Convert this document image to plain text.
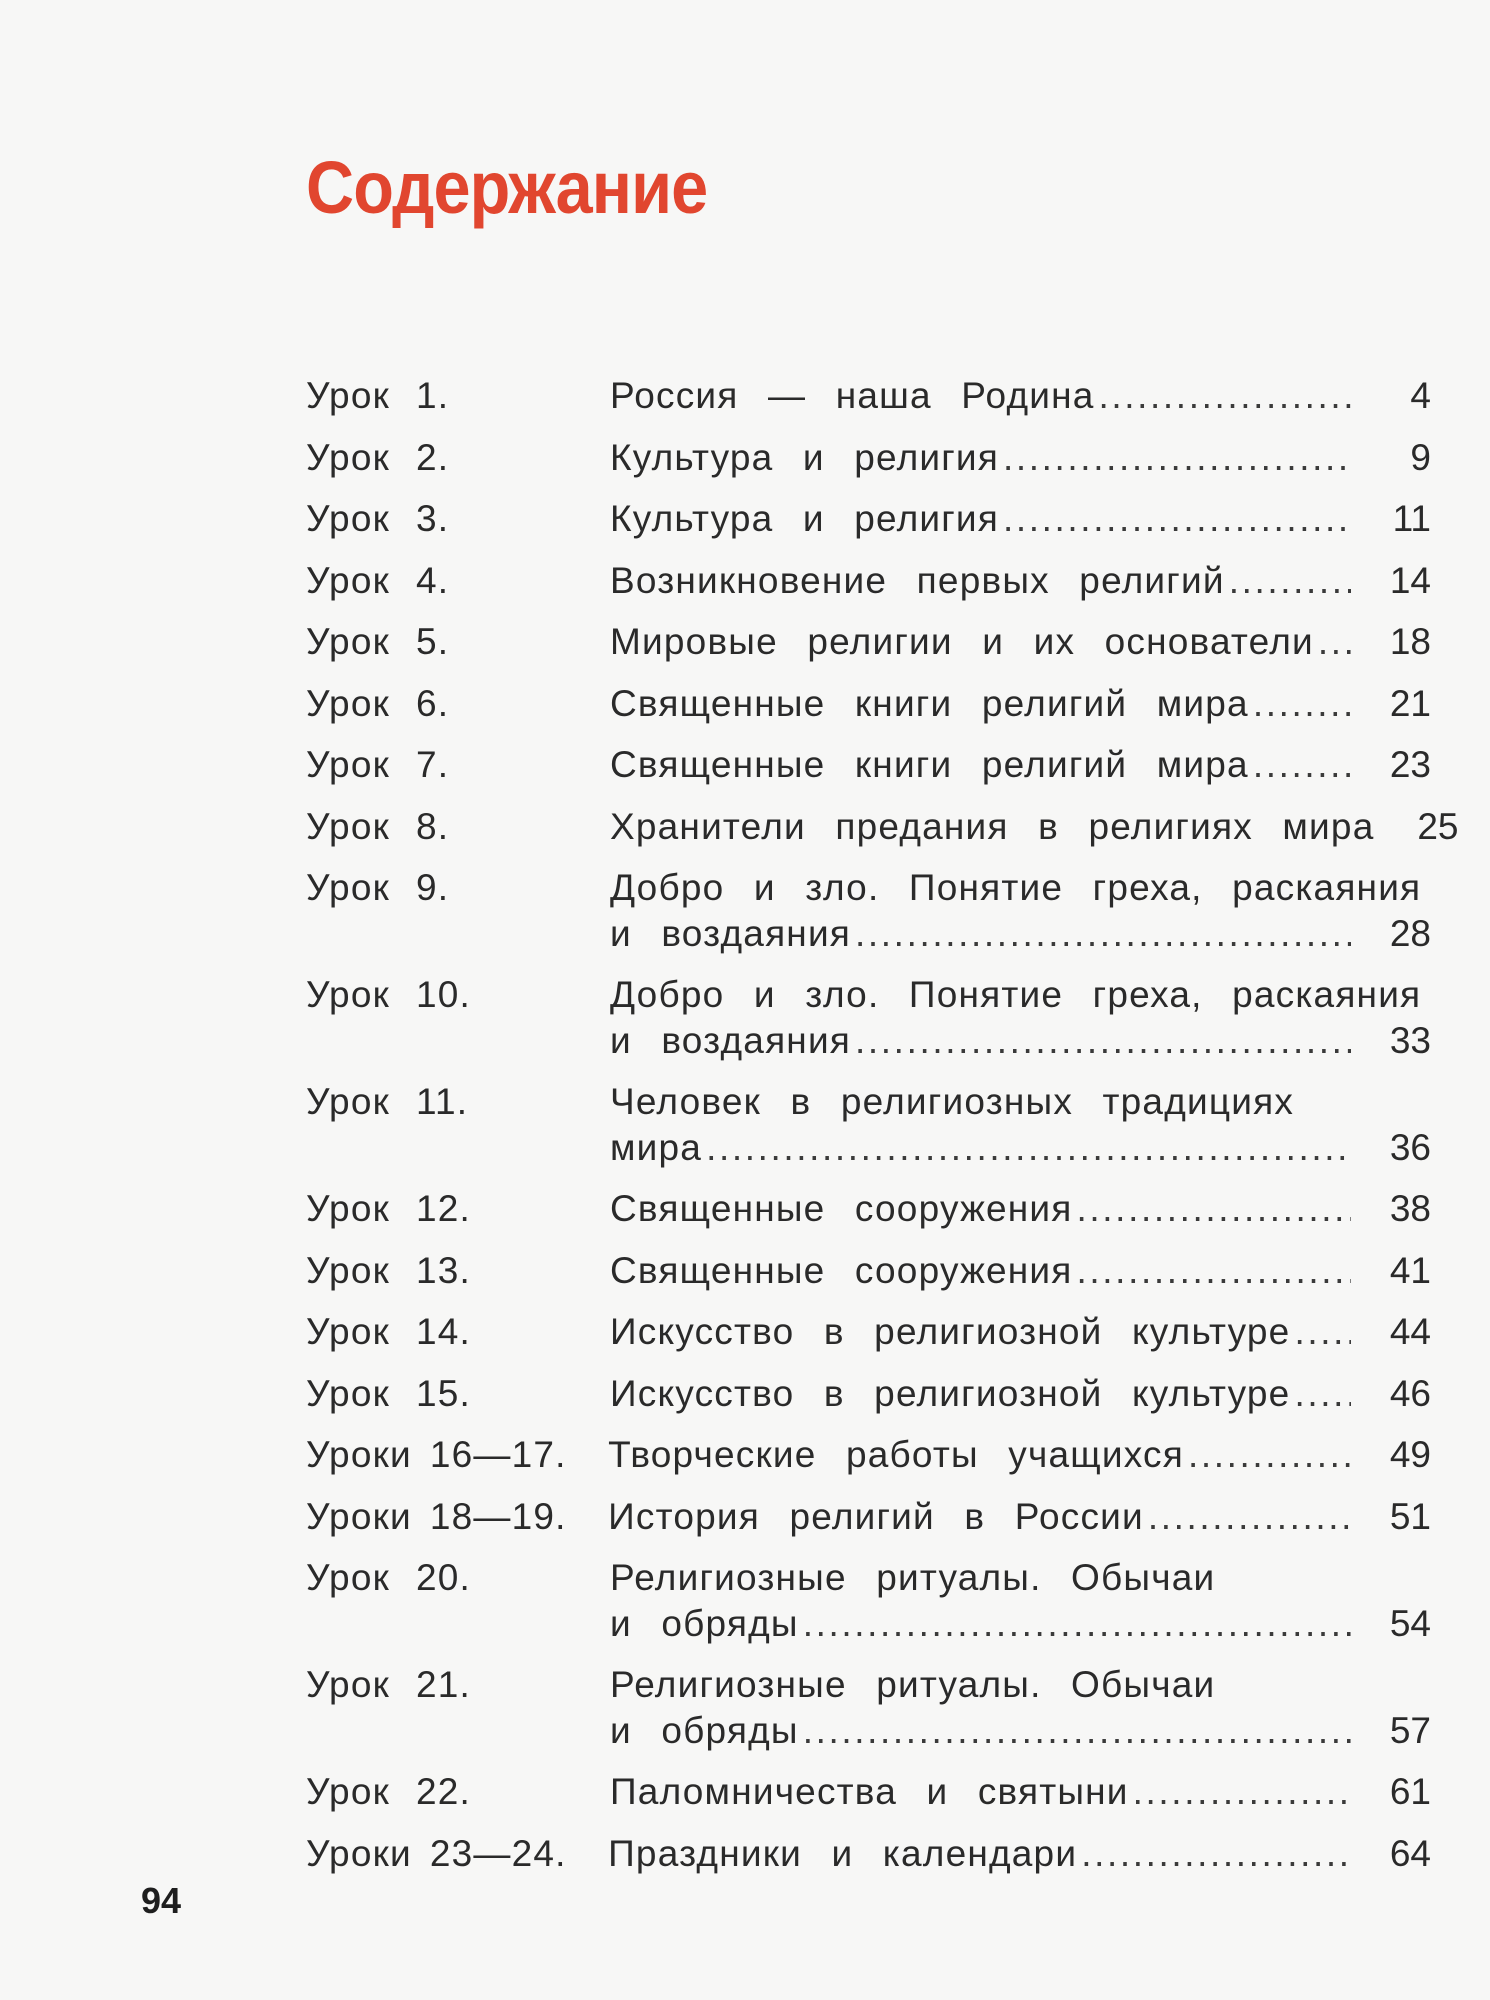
Содержание
Урок 1.	Россия — наша Родина .....	4
Урок 2.	Культура и религия .....	9
Урок 3.	Культура и религия .....	11
Урок 4.	Возникновение первых религий .....	14
Урок 5.	Мировые религии и их основатели .....	18
Урок 6.	Священные книги религий мира .....	21
Урок 7.	Священные книги религий мира .....	23
Урок 8.	Хранители предания в религиях мира	25
Урок 9.	Добро и зло. Понятие греха, раскаяния
и воздаяния .....	28
Урок 10.	Добро и зло. Понятие греха, раскаяния
и воздаяния .....	33
Урок 11.	Человек в религиозных традициях
мира .....	36
Урок 12.	Священные сооружения .....	38
Урок 13.	Священные сооружения .....	41
Урок 14.	Искусство в религиозной культуре .....	44
Урок 15.	Искусство в религиозной культуре .....	46
Уроки 16—17.	Творческие работы учащихся .....	49
Уроки 18—19.	История религий в России .....	51
Урок 20.	Религиозные ритуалы. Обычаи
и обряды .....	54
Урок 21.	Религиозные ритуалы. Обычаи
и обряды .....	57
Урок 22.	Паломничества и святыни .....	61
Уроки 23—24.	Праздники и календари .....	64
94
